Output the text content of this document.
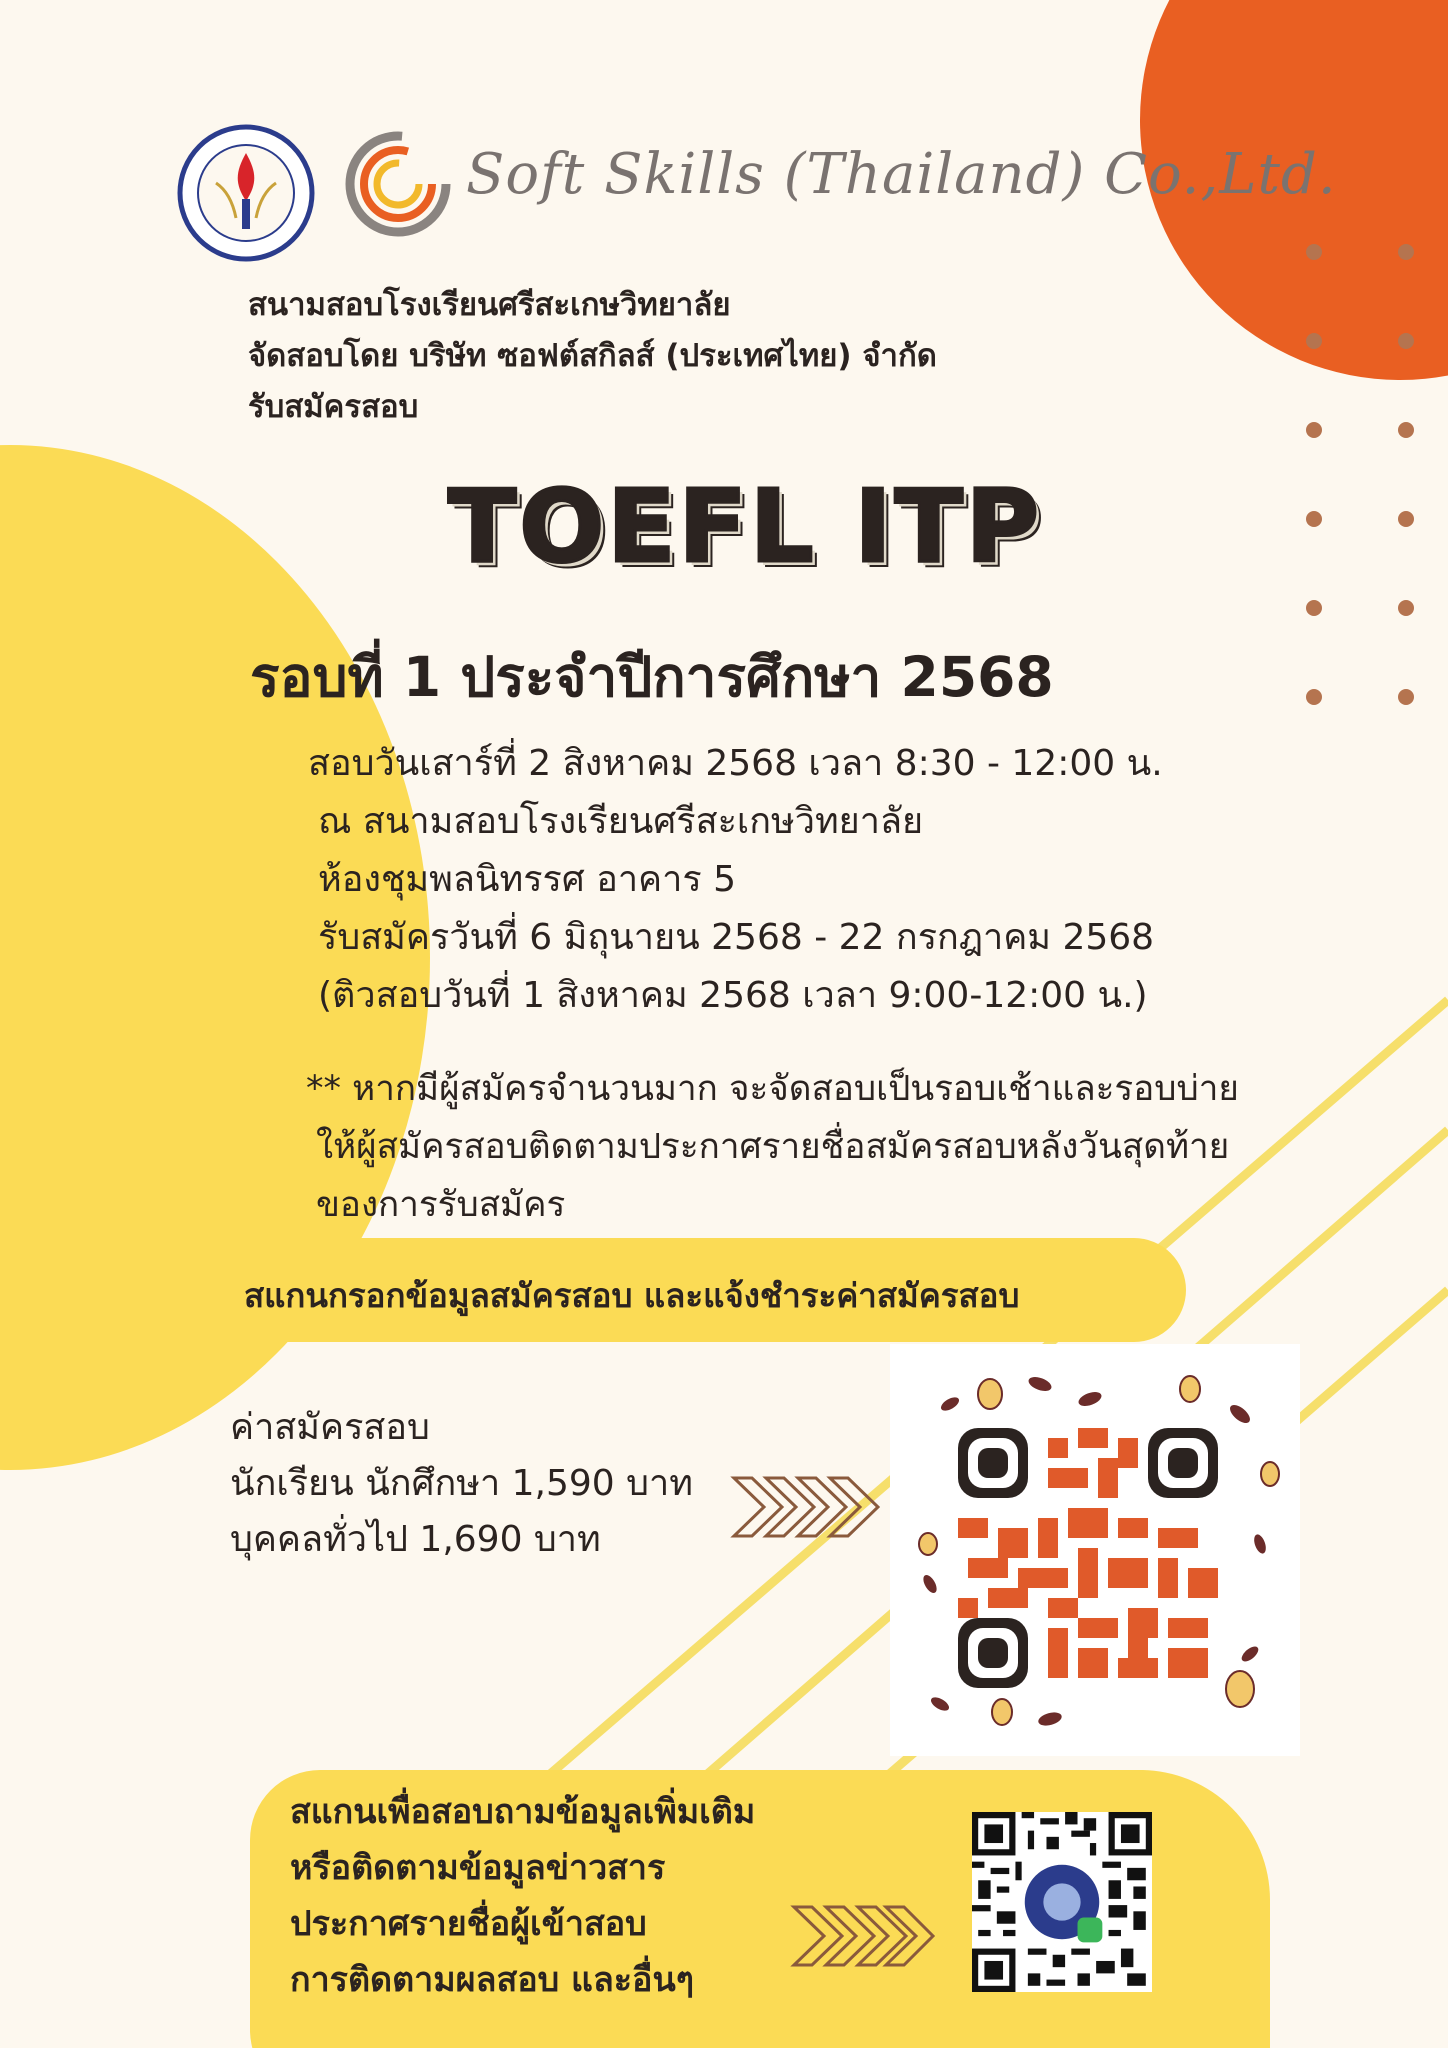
Soft Skills (Thailand) Co.,Ltd.
สนามสอบโรงเรียนศรีสะเกษวิทยาลัย
จัดสอบโดย บริษัท ซอฟต์สกิลส์ (ประเทศไทย) จำกัด
รับสมัครสอบ
TOEFL ITP
รอบที่ 1 ประจำปีการศึกษา 2568
สอบวันเสาร์ที่ 2 สิงหาคม 2568 เวลา 8:30 - 12:00 น.
ณ สนามสอบโรงเรียนศรีสะเกษวิทยาลัย
ห้องชุมพลนิทรรศ อาคาร 5
รับสมัครวันที่ 6 มิถุนายน 2568 - 22 กรกฎาคม 2568
(ติวสอบวันที่ 1 สิงหาคม 2568 เวลา 9:00-12:00 น.)
** หากมีผู้สมัครจำนวนมาก จะจัดสอบเป็นรอบเช้าและรอบบ่าย
ให้ผู้สมัครสอบติดตามประกาศรายชื่อสมัครสอบหลังวันสุดท้าย
ของการรับสมัคร
สแกนกรอกข้อมูลสมัครสอบ และแจ้งชำระค่าสมัครสอบ
ค่าสมัครสอบ
นักเรียน นักศึกษา 1,590 บาท
บุคคลทั่วไป 1,690 บาท
สแกนเพื่อสอบถามข้อมูลเพิ่มเติม
หรือติดตามข้อมูลข่าวสาร
ประกาศรายชื่อผู้เข้าสอบ
การติดตามผลสอบ และอื่นๆ
